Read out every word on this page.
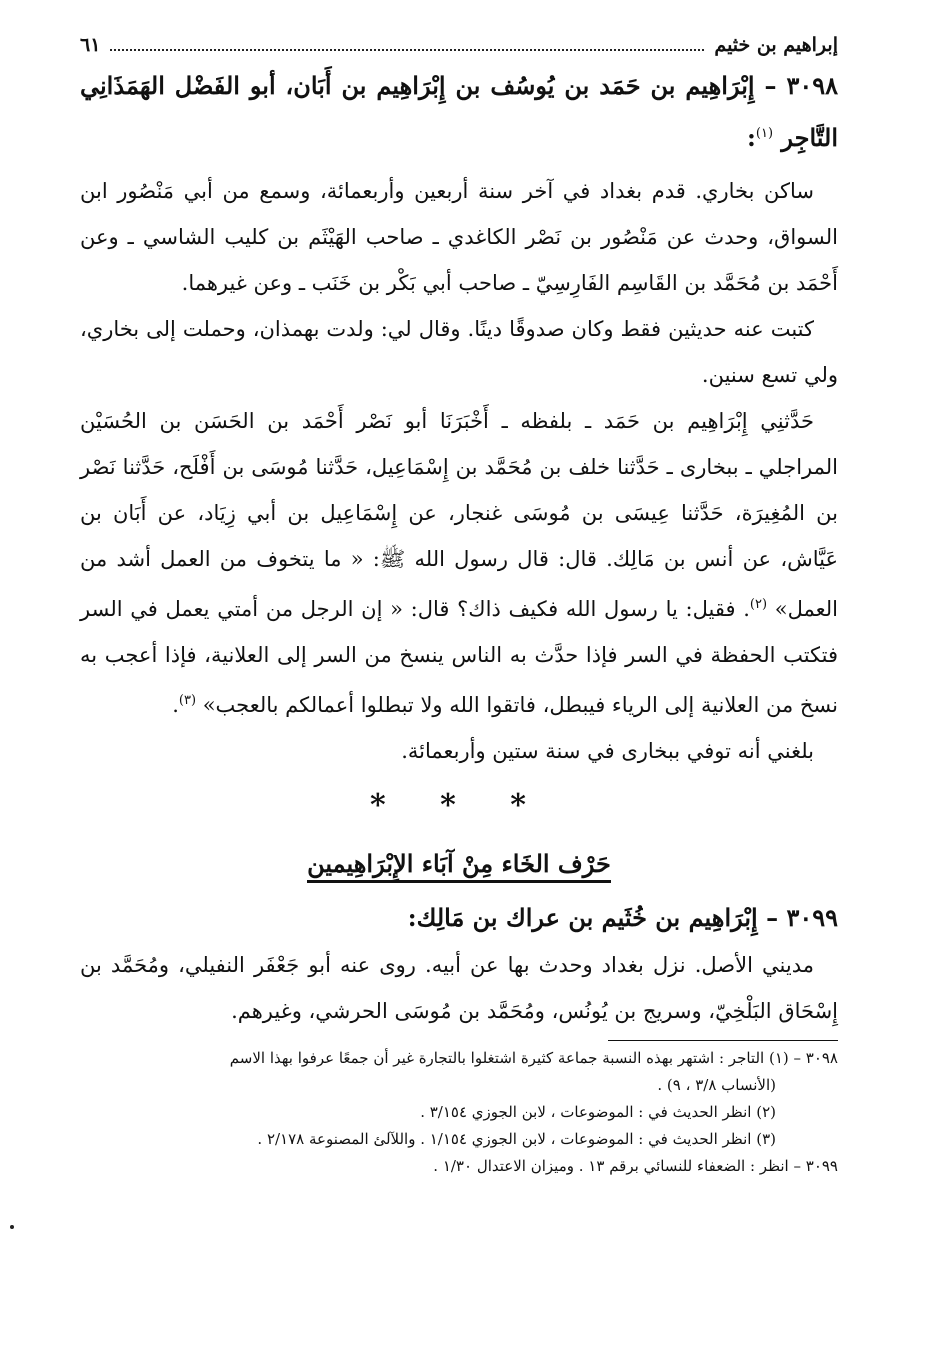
إبراهيم بن خثيم
٦١

٣٠٩٨ – إِبْرَاهِيم بن حَمَد بن يُوسُف بن إِبْرَاهِيم بن أَبَان، أبو الفَضْل الهَمَذَانِي التَّاجِر $^{(١)}$:

ساكن بخاري. قدم بغداد في آخر سنة أربعين وأربعمائة، وسمع من أبي مَنْصُور ابن السواق، وحدث عن مَنْصُور بن نَصْر الكاغدي ـ صاحب الهَيْثَم بن كليب الشاسي ـ وعن أَحْمَد بن مُحَمَّد بن القَاسِم الفَارِسِيّ ـ صاحب أبي بَكْر بن خَنَب ـ وعن غيرهما.

كتبت عنه حديثين فقط وكان صدوقًا دينًا. وقال لي: ولدت بهمذان، وحملت إلى بخاري، ولي تسع سنين.

حَدَّثنِي إِبْرَاهِيم بن حَمَد ـ بلفظه ـ أَخْبَرَنَا أبو نَصْر أَحْمَد بن الحَسَن بن الحُسَيْن المراجلي ـ ببخارى ـ حَدَّثنا خلف بن مُحَمَّد بن إِسْمَاعِيل، حَدَّثنا مُوسَى بن أَفْلَح، حَدَّثنا نَصْر بن المُغِيرَة، حَدَّثنا عِيسَى بن مُوسَى غنجار، عن إِسْمَاعِيل بن أبي زِيَاد، عن أَبَان بن عَيَّاش، عن أنس بن مَالِك. قال: قال رسول الله ﷺ: « ما يتخوف من العمل أشد من العمل» $^{(٢)}$. فقيل: يا رسول الله فكيف ذاك؟ قال: « إن الرجل من أمتي يعمل في السر فتكتب الحفظة في السر فإذا حدَّث به الناس ينسخ من السر إلى العلانية، فإذا أعجب به نسخ من العلانية إلى الرياء فيبطل، فاتقوا الله ولا تبطلوا أعمالكم بالعجب» $^{(٣)}$.

بلغني أنه توفي ببخارى في سنة ستين وأربعمائة.

* * *
حَرْف الخَاء مِنْ آبَاء الإِبْرَاهِيمين

٣٠٩٩ – إِبْرَاهِيم بن خُثَيم بن عراك بن مَالِك:

مديني الأصل. نزل بغداد وحدث بها عن أبيه. روى عنه أبو جَعْفَر النفيلي، ومُحَمَّد بن إِسْحَاق البَلْخِيّ، وسريج بن يُونُس، ومُحَمَّد بن مُوسَى الحرشي، وغيرهم.

٣٠٩٨ – (١) التاجر : اشتهر بهذه النسبة جماعة كثيرة اشتغلوا بالتجارة غير أن جمعًا عرفوا بهذا الاسم

(الأنساب ٣/٨ ، ٩) .

(٢) انظر الحديث في : الموضوعات ، لابن الجوزي ٣/١٥٤ .

(٣) انظر الحديث في : الموضوعات ، لابن الجوزي ١/١٥٤ . واللآلئ المصنوعة ٢/١٧٨ .

٣٠٩٩ – انظر : الضعفاء للنسائي برقم ١٣ . وميزان الاعتدال ١/٣٠ .
